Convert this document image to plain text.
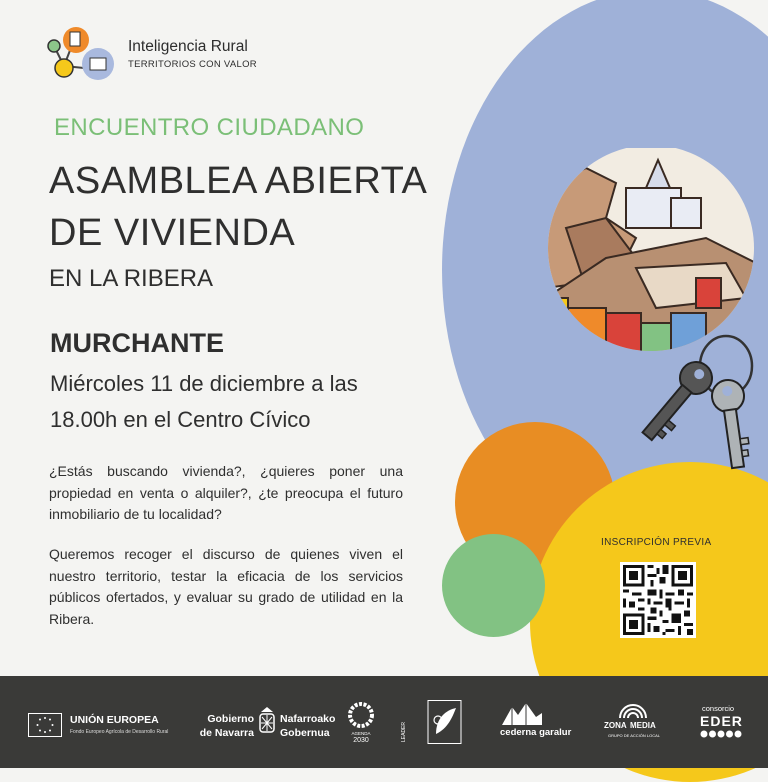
Inteligencia Rural
TERRITORIOS CON VALOR
ENCUENTRO CIUDADANO
ASAMBLEA ABIERTA
DE VIVIENDA
EN LA RIBERA
MURCHANTE
Miércoles 11 de diciembre a las
18.00h en el Centro Cívico
¿Estás buscando vivienda?, ¿quieres poner una propiedad en venta o alquiler?, ¿te preocupa el futuro inmobiliario de tu localidad?
Queremos recoger el discurso de quienes viven el nuestro territorio, testar la eficacia de los servicios públicos ofertados, y evaluar su grado de utilidad en la Ribera.
INSCRIPCIÓN PREVIA
UNIÓN EUROPEA
Fondo Europeo Agrícola de Desarrollo Rural
Gobierno
de Navarra
Nafarroako
Gobernua	AGENDA
2030	LEADER	cederna garalur
ZONA MEDIA
GRUPO DE ACCIÓN LOCAL
consorcio
EDER
